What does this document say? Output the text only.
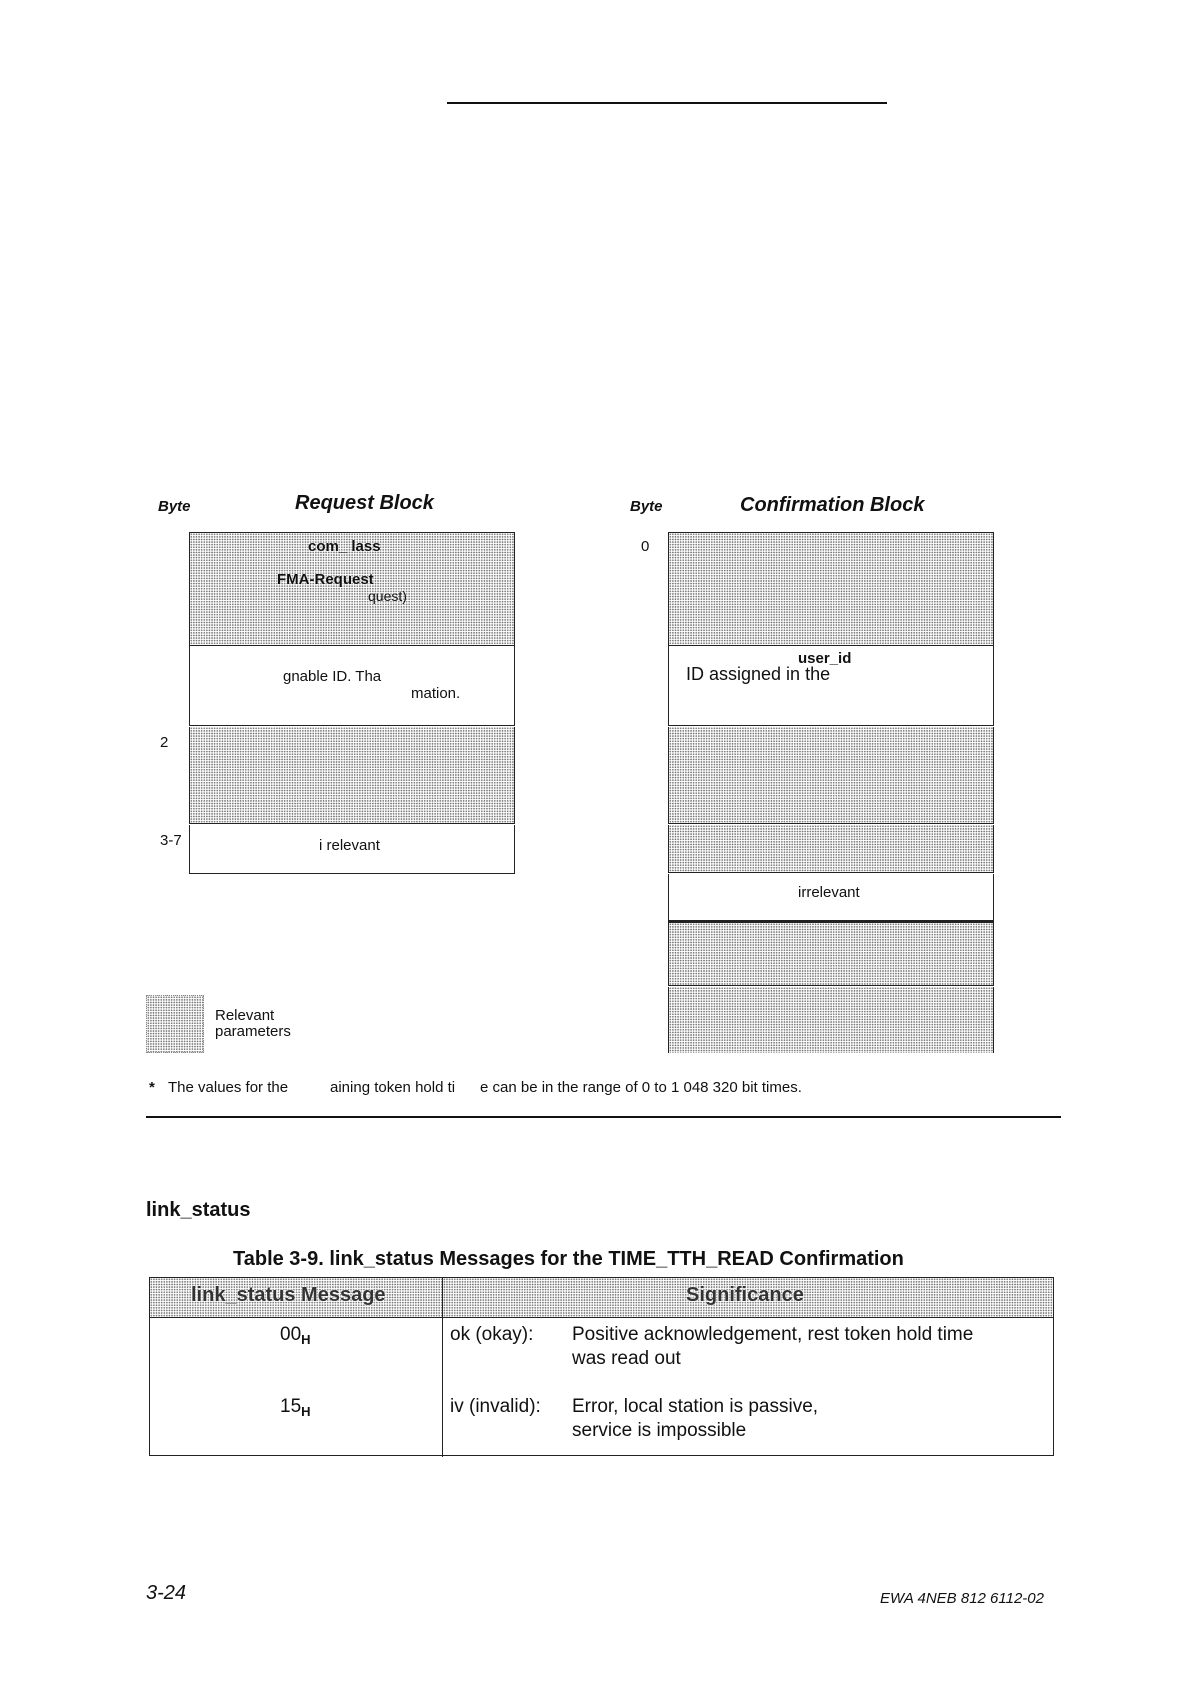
Byte	Request Block
com_ lass
FMA-Request
quest)
gnable ID. Tha
mation.
2
3-7	i relevant
Byte	Confirmation Block
0
user_id
ID assigned in the
irrelevant
Relevant
parameters
* The values for the	aining token hold ti e can be in the range of 0 to 1 048 320 bit times.
link_status
Table 3-9. link_status Messages for the TIME_TTH_READ Confirmation
link_status Message	Significance
$00_H$	ok (okay): Positive acknowledgement, rest token hold time
was read out
$15_H$	iv (invalid): Error, local station is passive,
service is impossible
3-24	EWA 4NEB 812 6112-02
